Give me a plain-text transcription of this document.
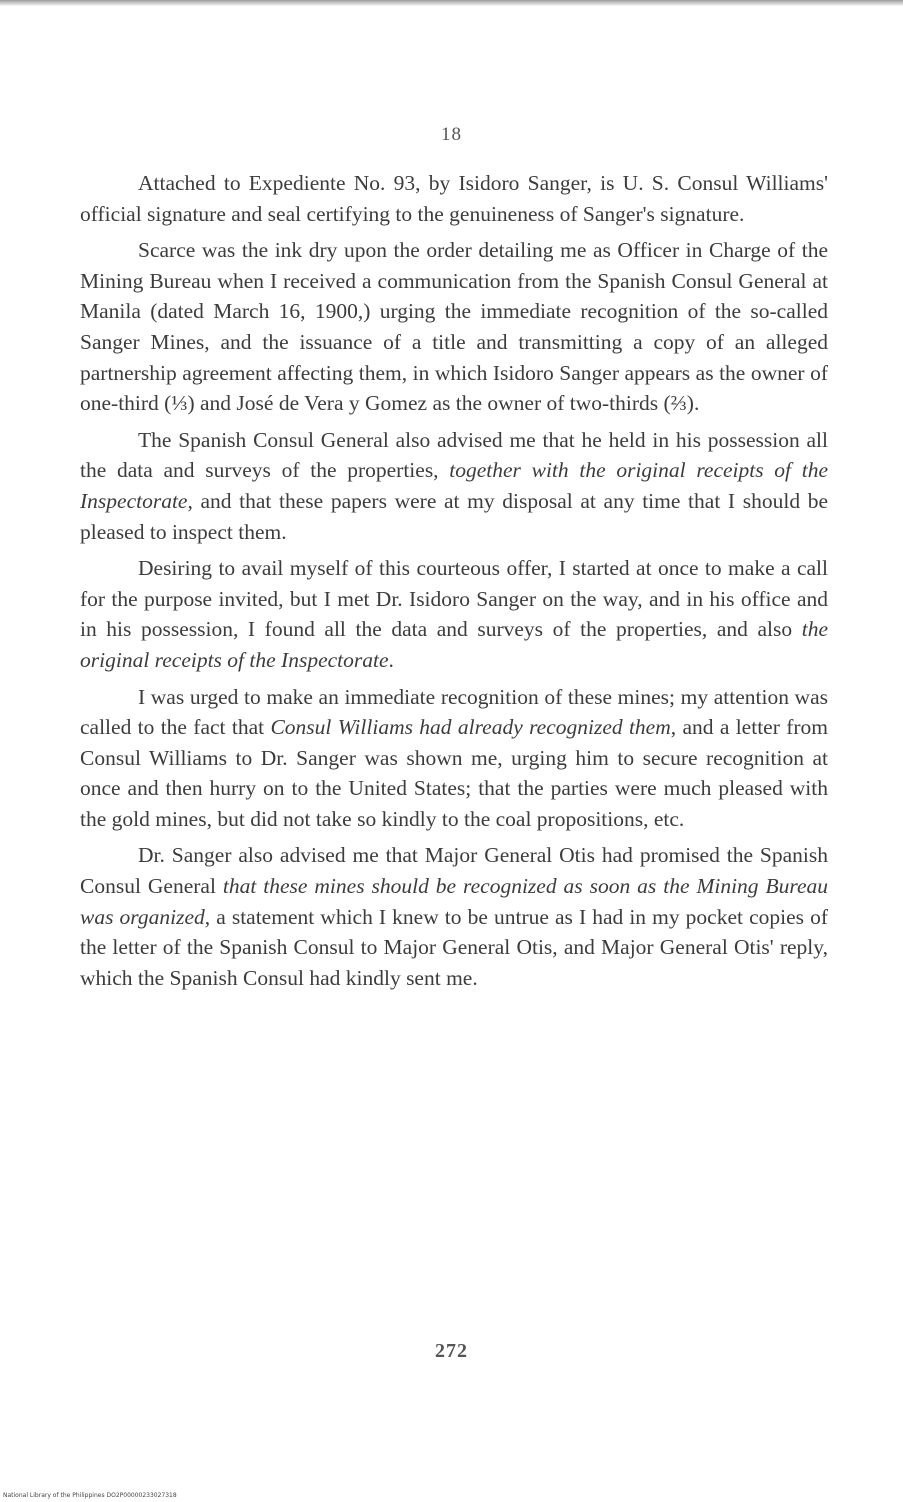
18

Attached to Expediente No. 93, by Isidoro Sanger, is U. S. Consul Williams' official signature and seal certifying to the genuineness of Sanger's signature.

Scarce was the ink dry upon the order detailing me as Officer in Charge of the Mining Bureau when I received a communication from the Spanish Consul General at Manila (dated March 16, 1900,) urging the immediate recognition of the so-called Sanger Mines, and the issuance of a title and transmitting a copy of an alleged partnership agreement affecting them, in which Isidoro Sanger appears as the owner of one-third (⅓) and José de Vera y Gomez as the owner of two-thirds (⅔).

The Spanish Consul General also advised me that he held in his possession all the data and surveys of the properties, together with the original receipts of the Inspectorate, and that these papers were at my disposal at any time that I should be pleased to inspect them.

Desiring to avail myself of this courteous offer, I started at once to make a call for the purpose invited, but I met Dr. Isidoro Sanger on the way, and in his office and in his possession, I found all the data and surveys of the properties, and also the original receipts of the Inspectorate.

I was urged to make an immediate recognition of these mines; my attention was called to the fact that Consul Williams had already recognized them, and a letter from Consul Williams to Dr. Sanger was shown me, urging him to secure recognition at once and then hurry on to the United States; that the parties were much pleased with the gold mines, but did not take so kindly to the coal propositions, etc.

Dr. Sanger also advised me that Major General Otis had promised the Spanish Consul General that these mines should be recognized as soon as the Mining Bureau was organized, a statement which I knew to be untrue as I had in my pocket copies of the letter of the Spanish Consul to Major General Otis, and Major General Otis' reply, which the Spanish Consul had kindly sent me.

272
National Library of the Philippines DO2P00000233027318
